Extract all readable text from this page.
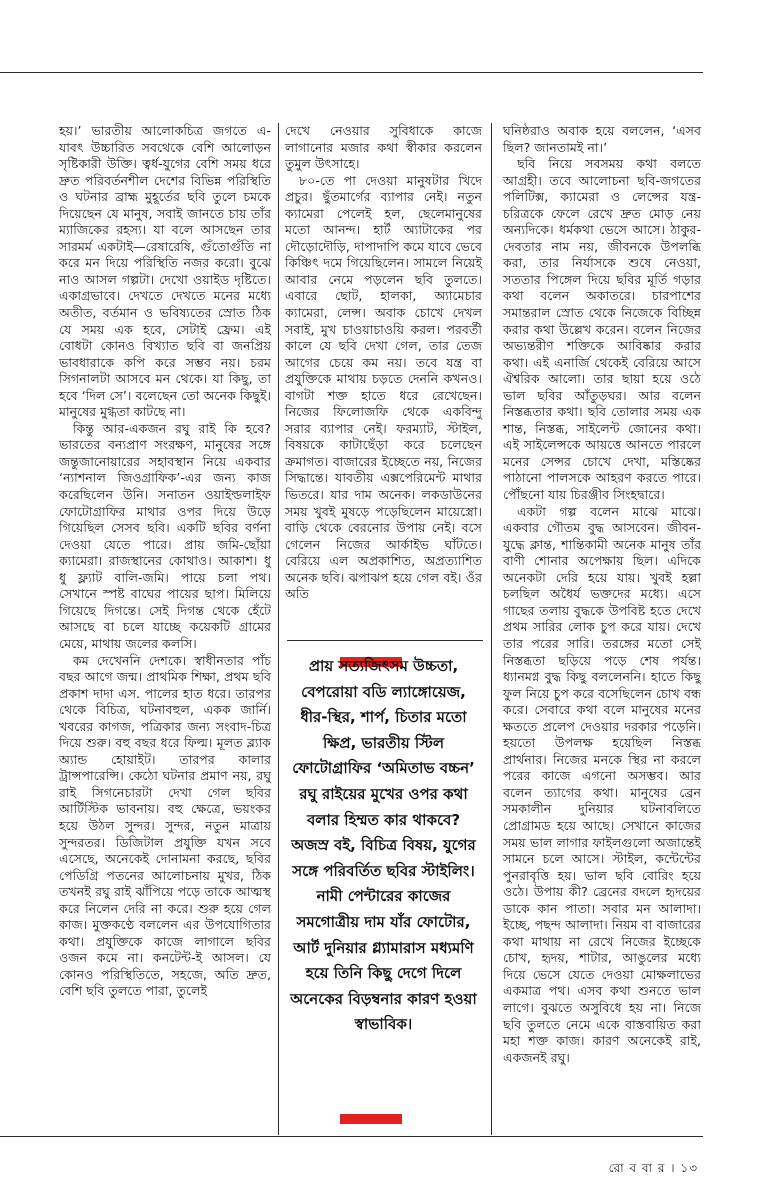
হয়।’ ভারতীয় আলোকচিত্র জগতে এ-যাবৎ উচ্চারিত সবথেকে বেশি আলোড়ন সৃষ্টিকারী উক্তি। ত্বর্ধ-যুগের বেশি সময় ধরে দ্রুত পরিবর্তনশীল দেশের বিভিন্ন পরিস্থিতি ও ঘটনার ব্রাহ্ম মুহূর্তের ছবি তুলে চমকে দিয়েছেন যে মানুষ, সবাই জানতে চায় তাঁর ম্যাজিকের রহস্য। যা বলে আসছেন তার সারমর্ম একটাই—রেষারেষি, গুঁতোগুঁতি না করে মন দিয়ে পরিস্থিতি নজর করো। বুঝে নাও আসল গল্পটা। দেখো ওয়াইড দৃষ্টিতে। একাগ্রভাবে। দেখতে দেখতে মনের মধ্যে অতীত, বর্তমান ও ভবিষ্যতের স্রোত ঠিক যে সময় এক হবে, সেটাই ফ্রেম। এই বোধটা কোনও বিখ্যাত ছবি বা জনপ্রিয় ভাবধারাকে কপি করে সম্ভব নয়। চরম সিগনালটা আসবে মন থেকে। যা কিছু, তা হবে ‘দিল সে’। বলেছেন তো অনেক কিছুই। মানুষের মুগ্ধতা কাটছে না।

কিন্তু আর-একজন রঘু রাই কি হবে? ভারতের বন্যপ্রাণ সংরক্ষণ, মানুষের সঙ্গে জন্তুজানোয়ারের সহাবস্থান নিয়ে একবার ‘ন্যাশনাল জিওগ্রাফিক’-এর জন্য কাজ করেছিলেন উনি। সনাতন ওয়াইল্ডলাইফ ফোটোগ্রাফির মাথার ওপর দিয়ে উড়ে গিয়েছিল সেসব ছবি। একটি ছবির বর্ণনা দেওয়া যেতে পারে। প্রায় জমি-ছোঁয়া ক্যামেরা। রাজস্থানের কোথাও। আকাশ। ধু ধু ফ্ল্যাট বালি-জমি। পায়ে চলা পথ। সেখানে স্পষ্ট বাঘের পায়ের ছাপ। মিলিয়ে গিয়েছে দিগন্তে। সেই দিগন্ত থেকে হেঁটে আসছে বা চলে যাচ্ছে কয়েকটি গ্রামের মেয়ে, মাথায় জলের কলসি।

কম দেখেননি দেশকে। স্বাধীনতার পাঁচ বছর আগে জন্ম। প্রাথমিক শিক্ষা, প্রথম ছবি প্রকাশ দাদা এস. পালের হাত ধরে। তারপর থেকে বিচিত্র, ঘটনাবহুল, একক জার্নি। খবরের কাগজ, পত্রিকার জন্য সংবাদ-চিত্র দিয়ে শুরু। বহু বছর ধরে ফিল্ম। মূলত ব্ল্যাক অ্যান্ড হোয়াইট। তারপর কালার ট্রান্সপারেন্সি। কেঠো ঘটনার প্রমাণ নয়, রঘু রাই সিগনেচারটা দেখা গেল ছবির আর্টিস্টিক ভাবনায়। বহু ক্ষেত্রে, ভয়ংকর হয়ে উঠল সুন্দর। সুন্দর, নতুন মাত্রায় সুন্দরতর। ডিজিটাল প্রযুক্তি যখন সবে এসেছে, অনেকেই দোনামনা করছে, ছবির পেডিগ্রি পতনের আলোচনায় মুখর, ঠিক তখনই রঘু রাই ঝাঁপিয়ে পড়ে তাকে আত্মস্থ করে নিলেন দেরি না করে। শুরু হয়ে গেল কাজ। মুক্তকণ্ঠে বললেন এর উপযোগিতার কথা। প্রযুক্তিকে কাজে লাগালে ছবির ওজন কমে না। কনটেন্ট-ই আসল। যে কোনও পরিস্থিতিতে, সহজে, অতি দ্রুত, বেশি ছবি তুলতে পারা, তুলেই

দেখে নেওয়ার সুবিধাকে কাজে লাগানোর মজার কথা স্বীকার করলেন তুমুল উৎসাহে।

৮০-তে পা দেওয়া মানুষটার খিদে প্রচুর। ছুঁতমার্গের ব্যাপার নেই। নতুন ক্যামেরা পেলেই হল, ছেলেমানুষের মতো আনন্দ। হার্ট অ্যাটাকের পর দৌড়োদৌড়ি, দাপাদাপি কমে যাবে ভেবে কিঞ্চিৎ দমে গিয়েছিলেন। সামলে নিয়েই আবার নেমে পড়লেন ছবি তুলতে। এবারে ছোট, হালকা, অ্যামেচার ক্যামেরা, লেন্স। অবাক চোখে দেখল সবাই, মুখ চাওয়াচাওয়ি করল। পরবর্তী কালে যে ছবি দেখা গেল, তার তেজ আগের চেয়ে কম নয়। তবে যন্ত্র বা প্রযুক্তিকে মাথায় চড়তে দেননি কখনও। বাগটা শক্ত হাতে ধরে রেখেছেন। নিজের ফিলোজফি থেকে একবিন্দু সরার ব্যাপার নেই। ফরম্যাট, স্টাইল, বিষয়কে কাটাছেঁড়া করে চলেছেন ক্রমাগত। বাজারের ইচ্ছেতে নয়, নিজের সিদ্ধান্তে। যাবতীয় এক্সপেরিমেন্ট মাথার ভিতরে। যার দাম অনেক। লকডাউনের সময় খুবই মুষড়ে পড়েছিলেন মায়েস্ত্রো। বাড়ি থেকে বেরনোর উপায় নেই। বসে গেলেন নিজের আর্কাইভ ঘাঁটতে। বেরিয়ে এল অপ্রকাশিত, অপ্রত্যাশিত অনেক ছবি। ঝপাঝপ হয়ে গেল বই। ওঁর অতি

প্রায় সত্যজিৎসম উচ্চতা, বেপরোয়া বডি ল্যাঙ্গোয়েজ, ধীর-স্থির, শার্প, চিতার মতো ক্ষিপ্র, ভারতীয় স্টিল ফোটোগ্রাফির ‘অমিতাভ বচ্চন’ রঘু রাইয়ের মুখের ওপর কথা বলার হিম্মত কার থাকবে? অজস্র বই, বিচিত্র বিষয়, যুগের সঙ্গে পরিবর্তিত ছবির স্টাইলিং। নামী পেন্টারের কাজের সমগোত্রীয় দাম যাঁর ফোটোর, আর্ট দুনিয়ার গ্ল্যামারাস মধ্যমণি হয়ে তিনি কিছু দেগে দিলে অনেকের বিড়ম্বনার কারণ হওয়া স্বাভাবিক।

ঘনিষ্ঠরাও অবাক হয়ে বললেন, ‘এসব ছিল? জানতামই না।’

ছবি নিয়ে সবসময় কথা বলতে আগ্রহী। তবে আলোচনা ছবি-জগতের পলিটিক্স, ক্যামেরা ও লেন্সের যন্ত্র-চরিত্রকে ফেলে রেখে দ্রুত মোড় নেয় অন্যদিকে। ধর্মকথা ভেসে আসে। ঠাকুর-দেবতার নাম নয়, জীবনকে উপলব্ধি করা, তার নির্যাসকে শুষে নেওয়া, সততার পিঙ্গেল দিয়ে ছবির মূর্তি গড়ার কথা বলেন অকাতরে। চারপাশের সমান্তরাল স্রোত থেকে নিজেকে বিচ্ছিন্ন করার কথা উল্লেখ করেন। বলেন নিজের অভ্যন্তরীণ শক্তিকে আবিষ্কার করার কথা। এই এনার্জি থেকেই বেরিয়ে আসে ঐশ্বরিক আলো। তার ছায়া হয়ে ওঠে ভাল ছবির আঁতুড়ঘর। আর বলেন নিস্তব্ধতার কথা। ছবি তোলার সময় এক শান্ত, নিস্তব্ধ, সাইলেন্ট জোনের কথা। এই সাইলেন্সকে আয়ত্তে আনতে পারলে মনের সেন্সর চোখে দেখা, মস্তিষ্কের পাঠানো পালসকে আহরণ করতে পারে। পৌঁছনো যায় চিরঞ্জীব সিংহদ্বারে।

একটা গল্প বলেন মাঝে মাঝে। একবার গৌতম বুদ্ধ আসবেন। জীবন-যুদ্ধে ক্লান্ত, শান্তিকামী অনেক মানুষ তাঁর বাণী শোনার অপেক্ষায় ছিল। এদিকে অনেকটা দেরি হয়ে যায়। খুবই হল্লা চলছিল অধৈর্য ভক্তদের মধ্যে। এসে গাছের তলায় বুদ্ধকে উপবিষ্ট হতে দেখে প্রথম সারির লোক চুপ করে যায়। দেখে তার পরের সারি। তরঙ্গের মতো সেই নিস্তব্ধতা ছড়িয়ে পড়ে শেষ পর্যন্ত। ধ্যানমগ্ন বুদ্ধ কিছু বললেননি। হাতে কিছু ফুল নিয়ে চুপ করে বসেছিলেন চোখ বন্ধ করে। সেবারে কথা বলে মানুষের মনের ক্ষততে প্রলেপ দেওয়ার দরকার পড়েনি। হয়তো উপলক্ষ হয়েছিল নিস্তব্ধ প্রার্থনার। নিজের মনকে স্থির না করলে পরের কাজে এগনো অসম্ভব। আর বলেন ত্যাগের কথা। মানুষের ব্রেন সমকালীন দুনিয়ার ঘটনাবলিতে প্রোগ্রামড হয়ে আছে। সেখানে কাজের সময় ভাল লাগার ফাইলগুলো অজান্তেই সামনে চলে আসে। স্টাইল, কন্টেন্টের পুনরাবৃত্তি হয়। ভাল ছবি বোরিং হয়ে ওঠে। উপায় কী? ব্রেনের বদলে হৃদয়ের ডাকে কান পাতা। সবার মন আলাদা। ইচ্ছে, পছন্দ আলাদা। নিয়ম বা বাজারের কথা মাথায় না রেখে নিজের ইচ্ছেকে চোখ, হৃদয়, শাটার, আঙুলের মধ্যে দিয়ে ভেসে যেতে দেওয়া মোক্ষলাভের একমাত্র পথ। এসব কথা শুনতে ভাল লাগে। বুঝতে অসুবিধে হয় না। নিজে ছবি তুলতে নেমে একে বাস্তবায়িত করা মহা শক্ত কাজ। কারণ অনেকেই রাই, একজনই রঘু।

রো ব বা র । ১৩
